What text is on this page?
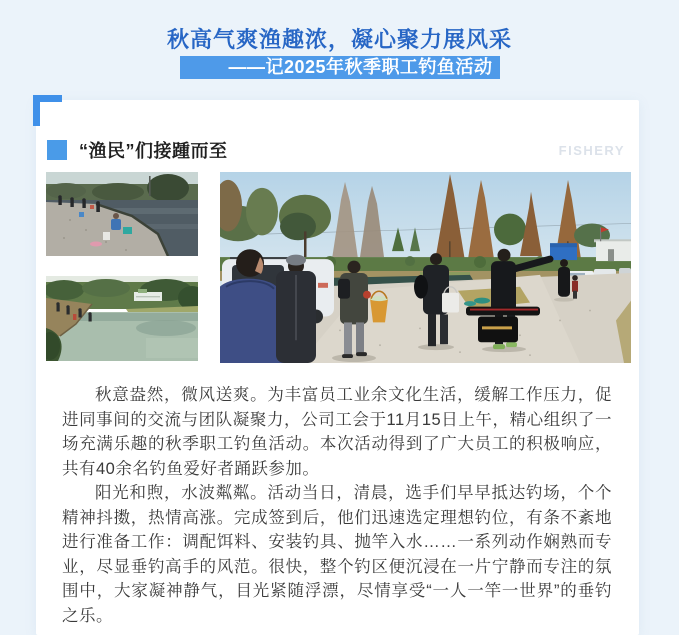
秋高气爽渔趣浓，凝心聚力展风采
——记2025年秋季职工钓鱼活动
“渔民”们接踵而至	FISHERY

秋意盎然，微风送爽。为丰富员工业余文化生活，缓解工作压力，促进同事间的交流与团队凝聚力，公司工会于11月15日上午，精心组织了一场充满乐趣的秋季职工钓鱼活动。本次活动得到了广大员工的积极响应，共有40余名钓鱼爱好者踊跃参加。

阳光和煦，水波粼粼。活动当日，清晨，选手们早早抵达钓场，个个精神抖擞，热情高涨。完成签到后，他们迅速选定理想钓位，有条不紊地进行准备工作：调配饵料、安装钓具、抛竿入水……一系列动作娴熟而专业，尽显垂钓高手的风范。很快，整个钓区便沉浸在一片宁静而专注的氛围中，大家凝神静气，目光紧随浮漂，尽情享受“一人一竿一世界”的垂钓之乐。
